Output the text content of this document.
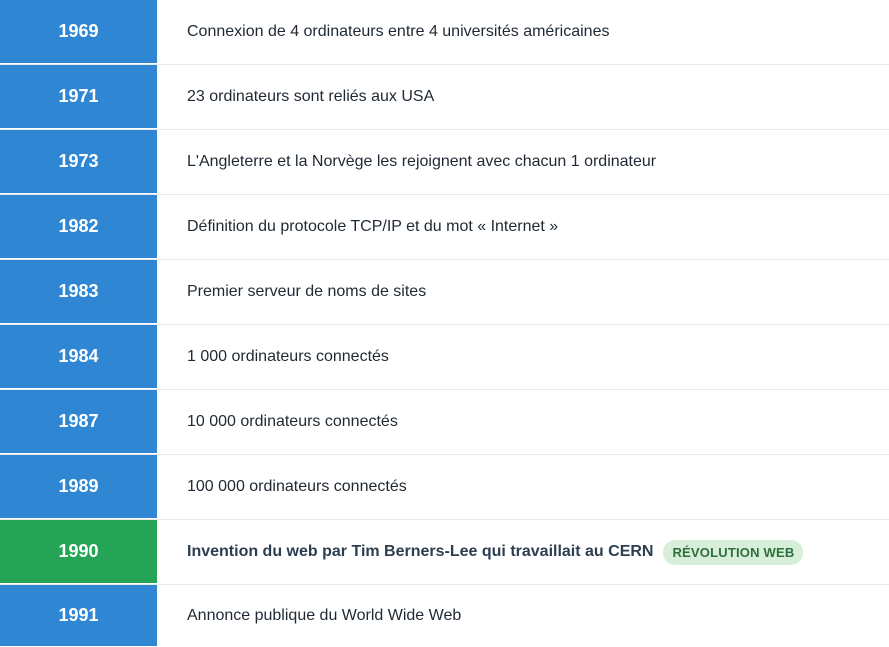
1969	Connexion de 4 ordinateurs entre 4 universités américaines
1971	23 ordinateurs sont reliés aux USA
1973	L'Angleterre et la Norvège les rejoignent avec chacun 1 ordinateur
1982	Définition du protocole TCP/IP et du mot « Internet »
1983	Premier serveur de noms de sites
1984	1 000 ordinateurs connectés
1987	10 000 ordinateurs connectés
1989	100 000 ordinateurs connectés
1990	Invention du web par Tim Berners-Lee qui travaillait au CERN	RÉVOLUTION WEB
1991	Annonce publique du World Wide Web
